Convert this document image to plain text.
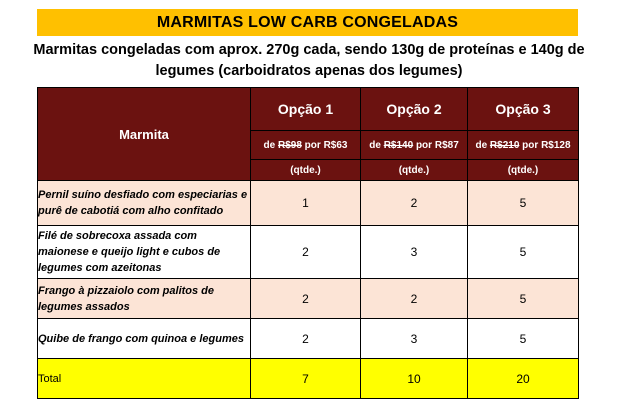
MARMITAS LOW CARB CONGELADAS
Marmitas congeladas com aprox. 270g cada, sendo 130g de proteínas e 140g de
legumes (carboidratos apenas dos legumes)
Marmita	Opção 1	Opção 2	Opção 3
	de R$98 por R$63	de R$140 por R$87	de R$210 por R$128
	(qtde.)	(qtde.)	(qtde.)
Pernil suíno desfiado com especiarias e purê de cabotiá com alho confitado	1	2	5
Filé de sobrecoxa assada com maionese e queijo light e cubos de legumes com azeitonas	2	3	5
Frango à pizzaiolo com palitos de legumes assados	2	2	5
Quibe de frango com quinoa e legumes	2	3	5
Total	7	10	20
